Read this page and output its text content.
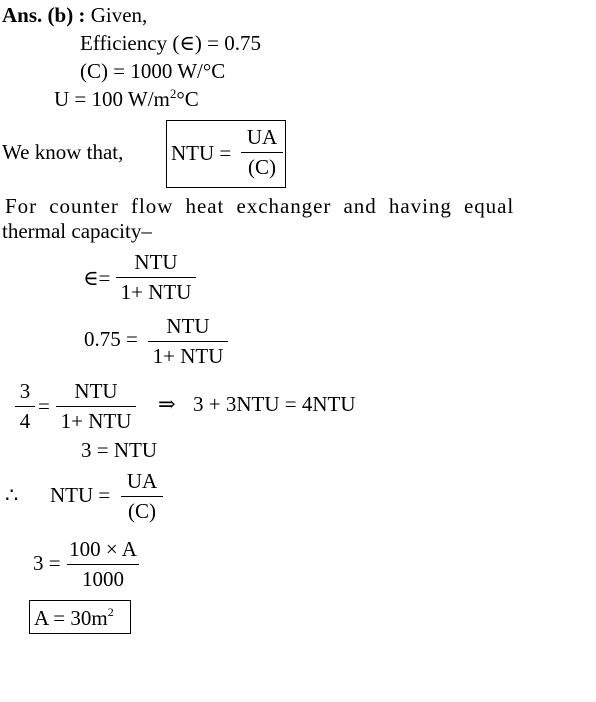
Ans. (b) : Given,
Efficiency (∈) = 0.75
(C) = 1000 W/°C
U = 100 $W/m^2^\circ C$
We know that, NTU =
UA
(C)
For counter flow heat exchanger and having equal
thermal capacity–
∈=
NTU
1+ NTU
0.75 =
NTU
1+ NTU
3
4
=
NTU
1+ NTU
⇒ 3 + 3NTU = 4NTU
3 = NTU
∴ NTU =
UA
(C)
3 =
100 × A
1000
$A = 30m^2$
